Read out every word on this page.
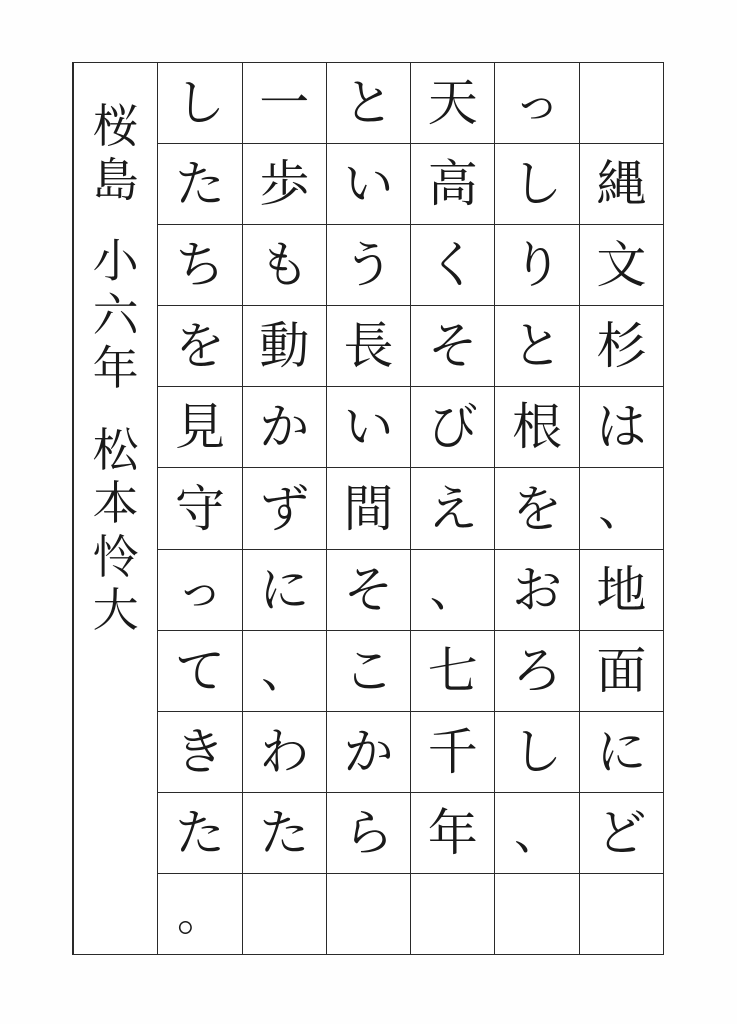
縄
文
杉
は
、
地
面
に
ど
っ
し
り
と
根
を
お
ろ
し
、
天
高
く
そ
び
え
、
七
千
年
と
い
う
長
い
間
そ
こ
か
ら
一
歩
も
動
か
ず
に
、
わ
た
し
た
ち
を
見
守
っ
て
き
た
。
桜
島
小
六
年
松
本
怜
大
